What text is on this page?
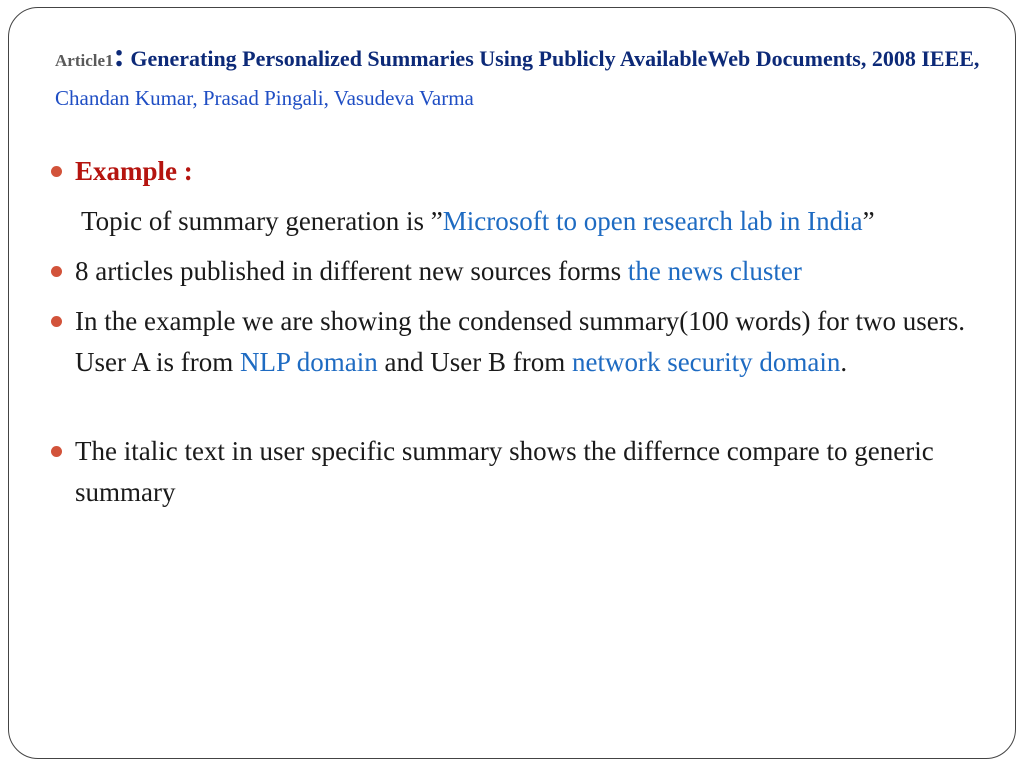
Article1: Generating Personalized Summaries Using Publicly AvailableWeb Documents, 2008 IEEE, Chandan Kumar, Prasad Pingali, Vasudeva Varma
Example :
Topic of summary generation is ”Microsoft to open research lab in India”
8 articles published in different new sources forms the news cluster
In the example we are showing the condensed summary(100 words) for two users. User A is from NLP domain and User B from network security domain.
The italic text in user specific summary shows the differnce compare to generic summary
